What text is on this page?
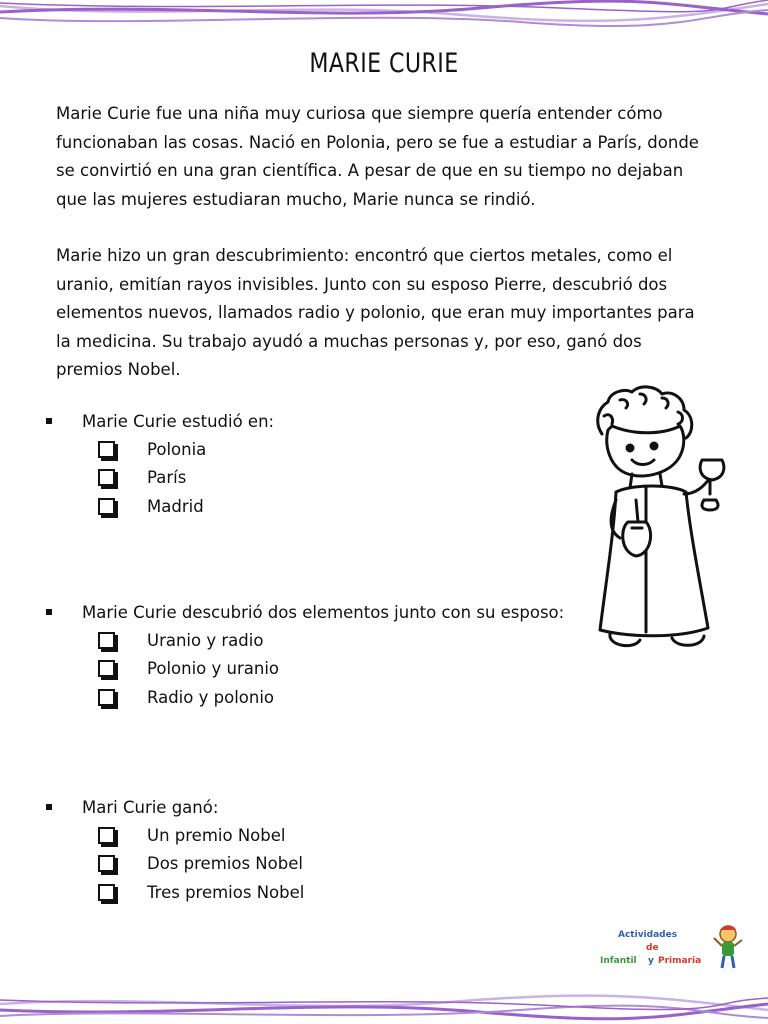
MARIE CURIE

Marie Curie fue una niña muy curiosa que siempre quería entender cómo funcionaban las cosas. Nació en Polonia, pero se fue a estudiar a París, donde se convirtió en una gran científica. A pesar de que en su tiempo no dejaban que las mujeres estudiaran mucho, Marie nunca se rindió.

Marie hizo un gran descubrimiento: encontró que ciertos metales, como el uranio, emitían rayos invisibles. Junto con su esposo Pierre, descubrió dos elementos nuevos, llamados radio y polonio, que eran muy importantes para la medicina. Su trabajo ayudó a muchas personas y, por eso, ganó dos premios Nobel.

Marie Curie estudió en:
Polonia
París
Madrid
Marie Curie descubrió dos elementos junto con su esposo:
Uranio y radio
Polonio y uranio
Radio y polonio
Mari Curie ganó:
Un premio Nobel
Dos premios Nobel
Tres premios Nobel
Actividades
de
Infantil y Primaria
